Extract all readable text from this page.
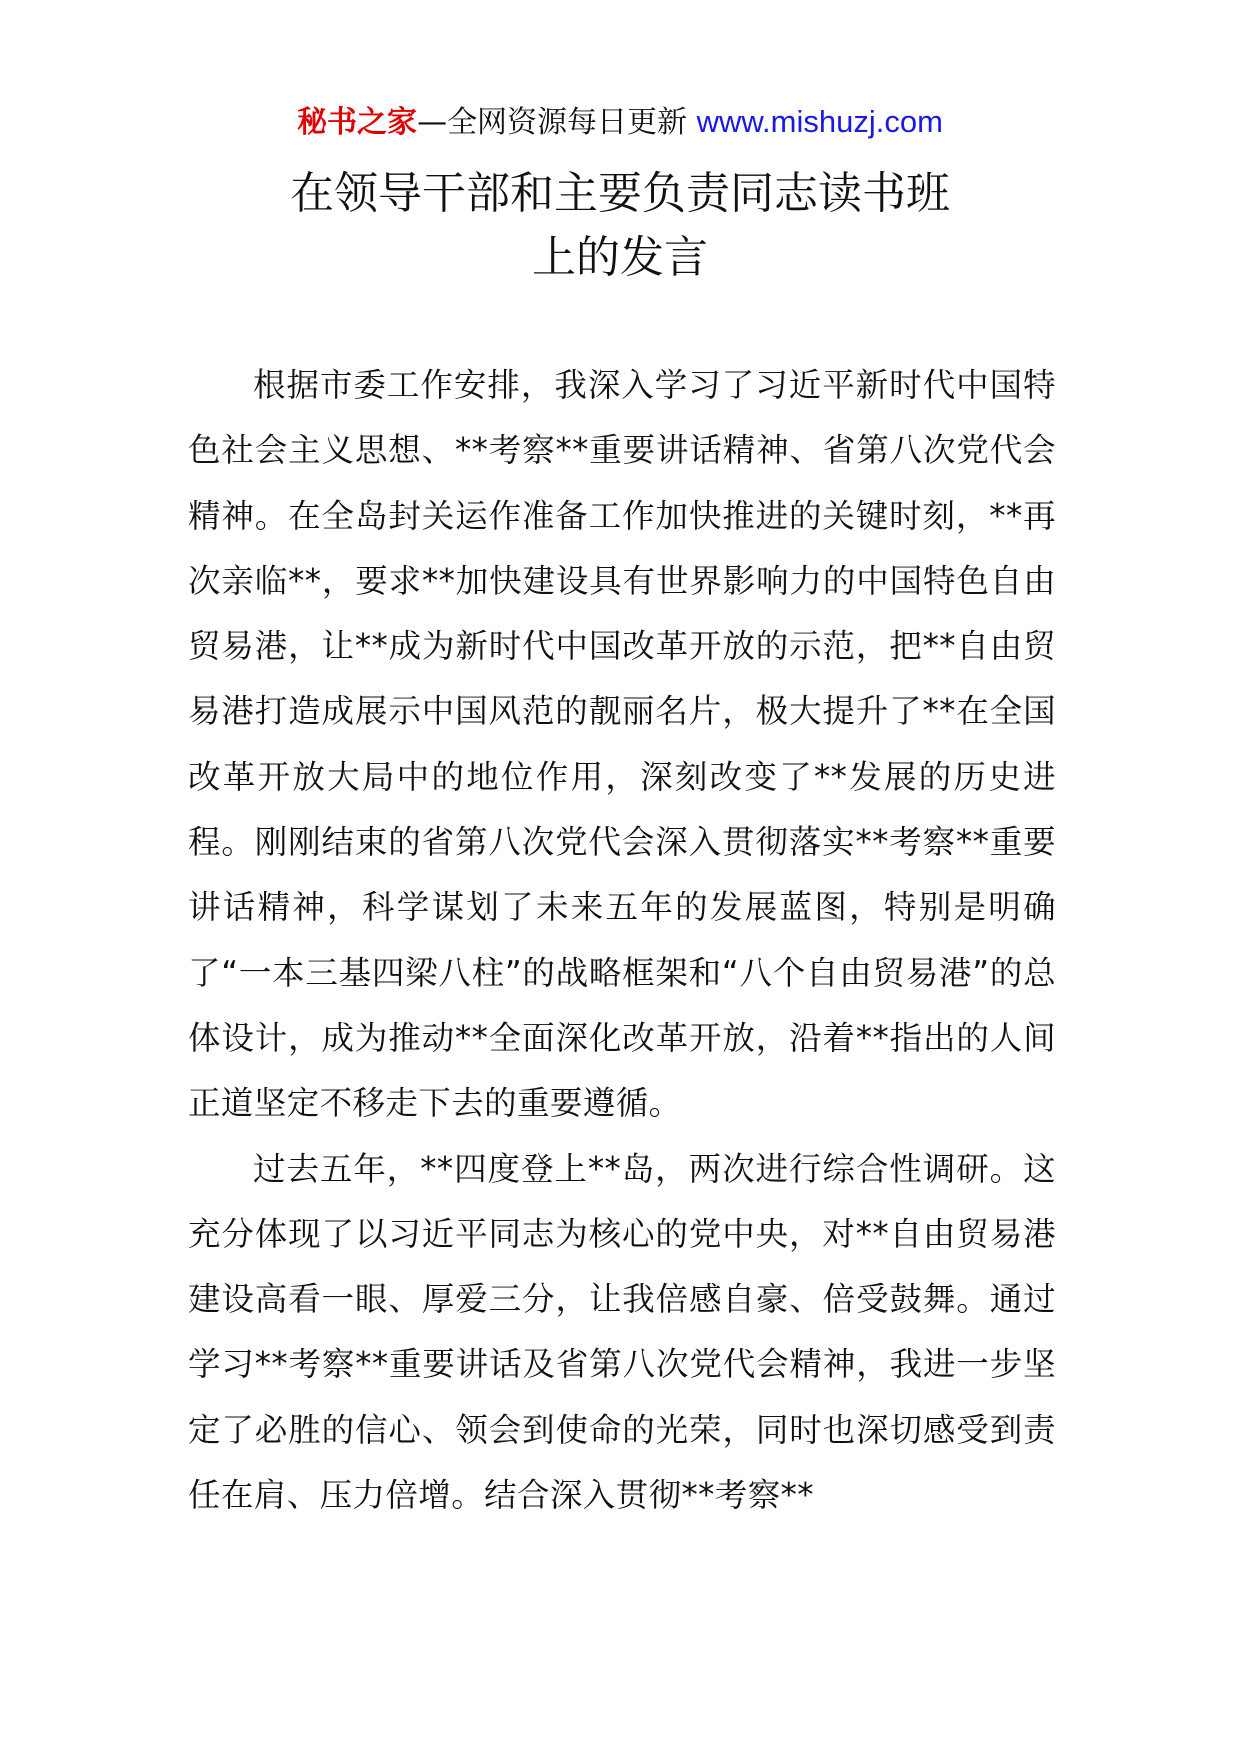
秘书之家—全网资源每日更新 www.mishuzj.com
在领导干部和主要负责同志读书班
上的发言

根据市委工作安排，我深入学习了习近平新时代中国特色社会主义思想、**考察**重要讲话精神、省第八次党代会精神。在全岛封关运作准备工作加快推进的关键时刻，**再次亲临**，要求**加快建设具有世界影响力的中国特色自由贸易港，让**成为新时代中国改革开放的示范，把**自由贸易港打造成展示中国风范的靓丽名片，极大提升了**在全国改革开放大局中的地位作用，深刻改变了**发展的历史进程。刚刚结束的省第八次党代会深入贯彻落实**考察**重要讲话精神，科学谋划了未来五年的发展蓝图，特别是明确了“一本三基四梁八柱”的战略框架和“八个自由贸易港”的总体设计，成为推动**全面深化改革开放，沿着**指出的人间正道坚定不移走下去的重要遵循。

过去五年，**四度登上**岛，两次进行综合性调研。这充分体现了以习近平同志为核心的党中央，对**自由贸易港建设高看一眼、厚爱三分，让我倍感自豪、倍受鼓舞。通过学习**考察**重要讲话及省第八次党代会精神，我进一步坚定了必胜的信心、领会到使命的光荣，同时也深切感受到责任在肩、压力倍增。结合深入贯彻**考察**
